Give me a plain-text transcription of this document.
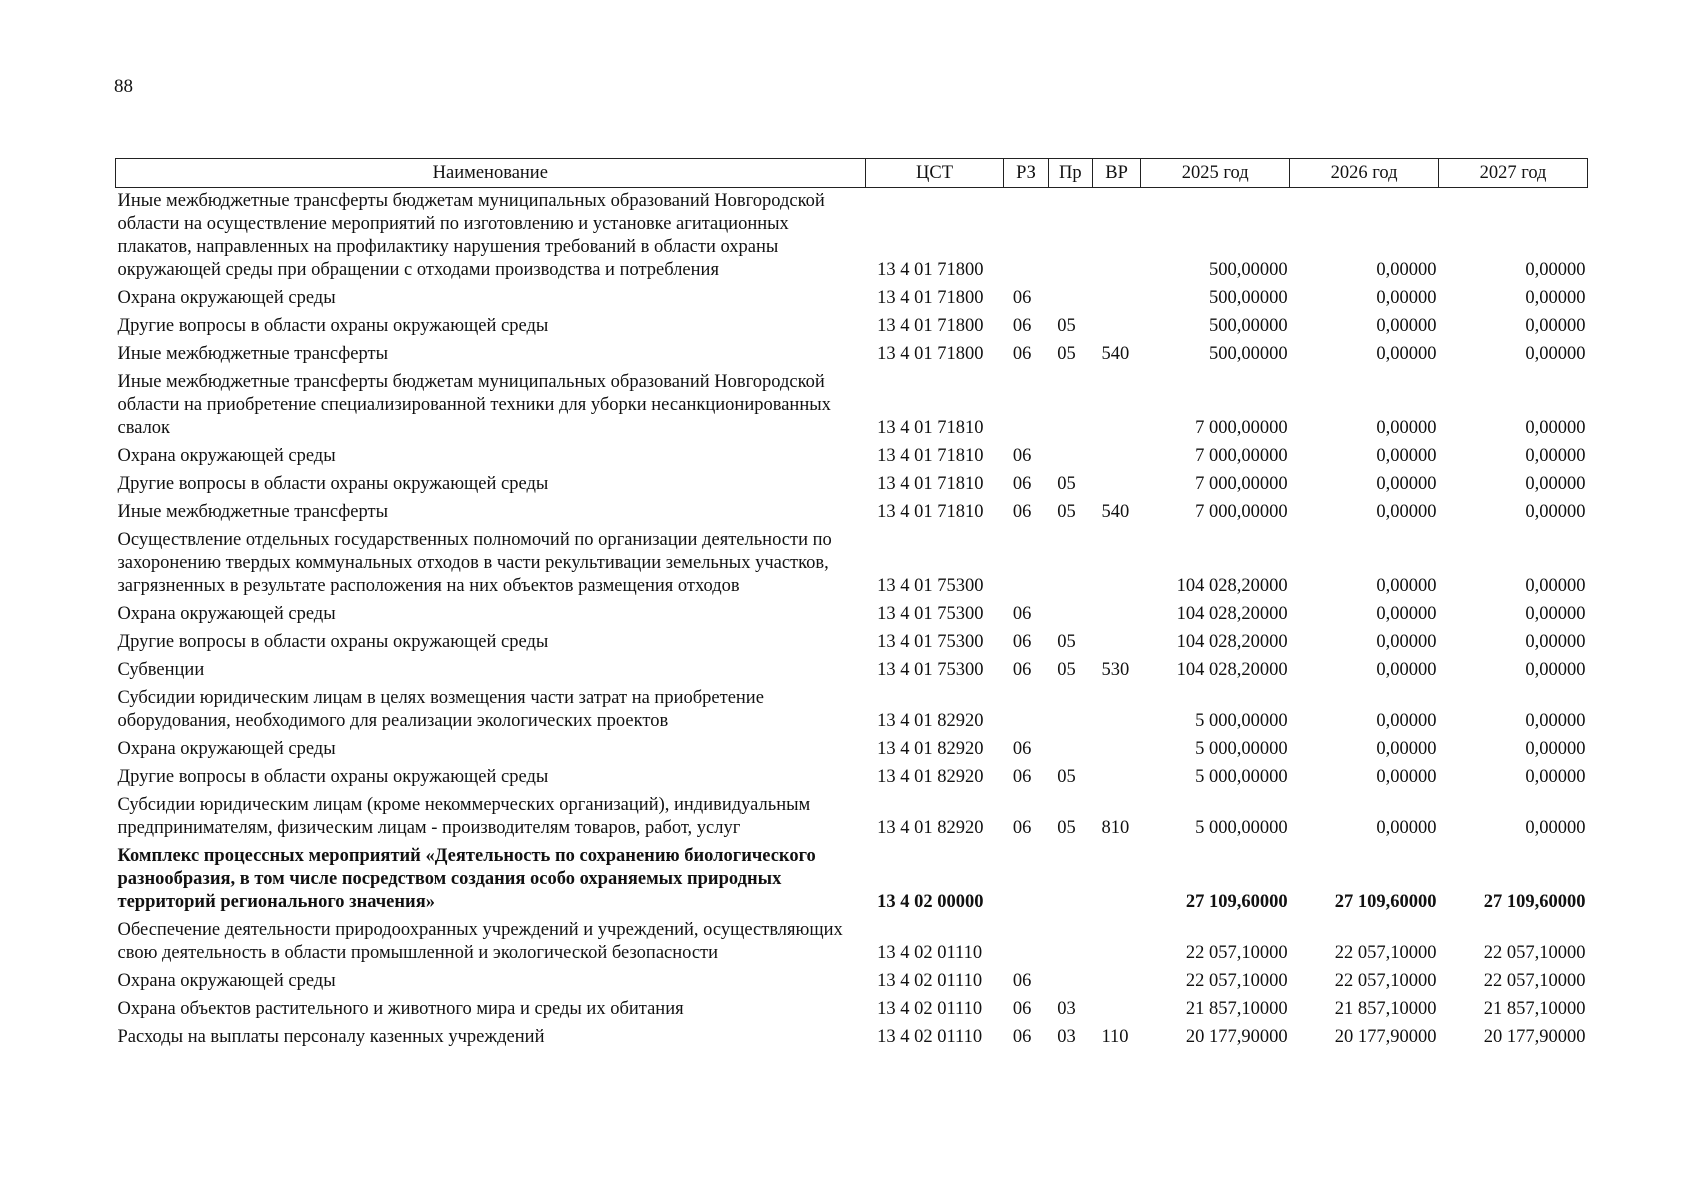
88
Наименование	ЦСТ	РЗ	Пр	ВР	2025 год	2026 год	2027 год
Иные межбюджетные трансферты бюджетам муниципальных образований Новгородской области на осуществление мероприятий по изготовлению и установке агитационных плакатов, направленных на профилактику нарушения требований в области охраны окружающей среды при обращении с отходами производства и потребления	13 4 01 71800				500,00000	0,00000	0,00000
Охрана окружающей среды	13 4 01 71800	06			500,00000	0,00000	0,00000
Другие вопросы в области охраны окружающей среды	13 4 01 71800	06	05		500,00000	0,00000	0,00000
Иные межбюджетные трансферты	13 4 01 71800	06	05	540	500,00000	0,00000	0,00000
Иные межбюджетные трансферты бюджетам муниципальных образований Новгородской области на приобретение специализированной техники для уборки несанкционированных свалок	13 4 01 71810				7 000,00000	0,00000	0,00000
Охрана окружающей среды	13 4 01 71810	06			7 000,00000	0,00000	0,00000
Другие вопросы в области охраны окружающей среды	13 4 01 71810	06	05		7 000,00000	0,00000	0,00000
Иные межбюджетные трансферты	13 4 01 71810	06	05	540	7 000,00000	0,00000	0,00000
Осуществление отдельных государственных полномочий по организации деятельности по захоронению твердых коммунальных отходов в части рекультивации земельных участков, загрязненных в результате расположения на них объектов размещения отходов	13 4 01 75300				104 028,20000	0,00000	0,00000
Охрана окружающей среды	13 4 01 75300	06			104 028,20000	0,00000	0,00000
Другие вопросы в области охраны окружающей среды	13 4 01 75300	06	05		104 028,20000	0,00000	0,00000
Субвенции	13 4 01 75300	06	05	530	104 028,20000	0,00000	0,00000
Субсидии юридическим лицам в целях возмещения части затрат на приобретение оборудования, необходимого для реализации экологических проектов	13 4 01 82920				5 000,00000	0,00000	0,00000
Охрана окружающей среды	13 4 01 82920	06			5 000,00000	0,00000	0,00000
Другие вопросы в области охраны окружающей среды	13 4 01 82920	06	05		5 000,00000	0,00000	0,00000
Субсидии юридическим лицам (кроме некоммерческих организаций), индивидуальным предпринимателям, физическим лицам - производителям товаров, работ, услуг	13 4 01 82920	06	05	810	5 000,00000	0,00000	0,00000
Комплекс процессных мероприятий «Деятельность по сохранению биологического разнообразия, в том числе посредством создания особо охраняемых природных территорий регионального значения»	13 4 02 00000				27 109,60000	27 109,60000	27 109,60000
Обеспечение деятельности природоохранных учреждений и учреждений, осуществляющих свою деятельность в области промышленной и экологической безопасности	13 4 02 01110				22 057,10000	22 057,10000	22 057,10000
Охрана окружающей среды	13 4 02 01110	06			22 057,10000	22 057,10000	22 057,10000
Охрана объектов растительного и животного мира и среды их обитания	13 4 02 01110	06	03		21 857,10000	21 857,10000	21 857,10000
Расходы на выплаты персоналу казенных учреждений	13 4 02 01110	06	03	110	20 177,90000	20 177,90000	20 177,90000
